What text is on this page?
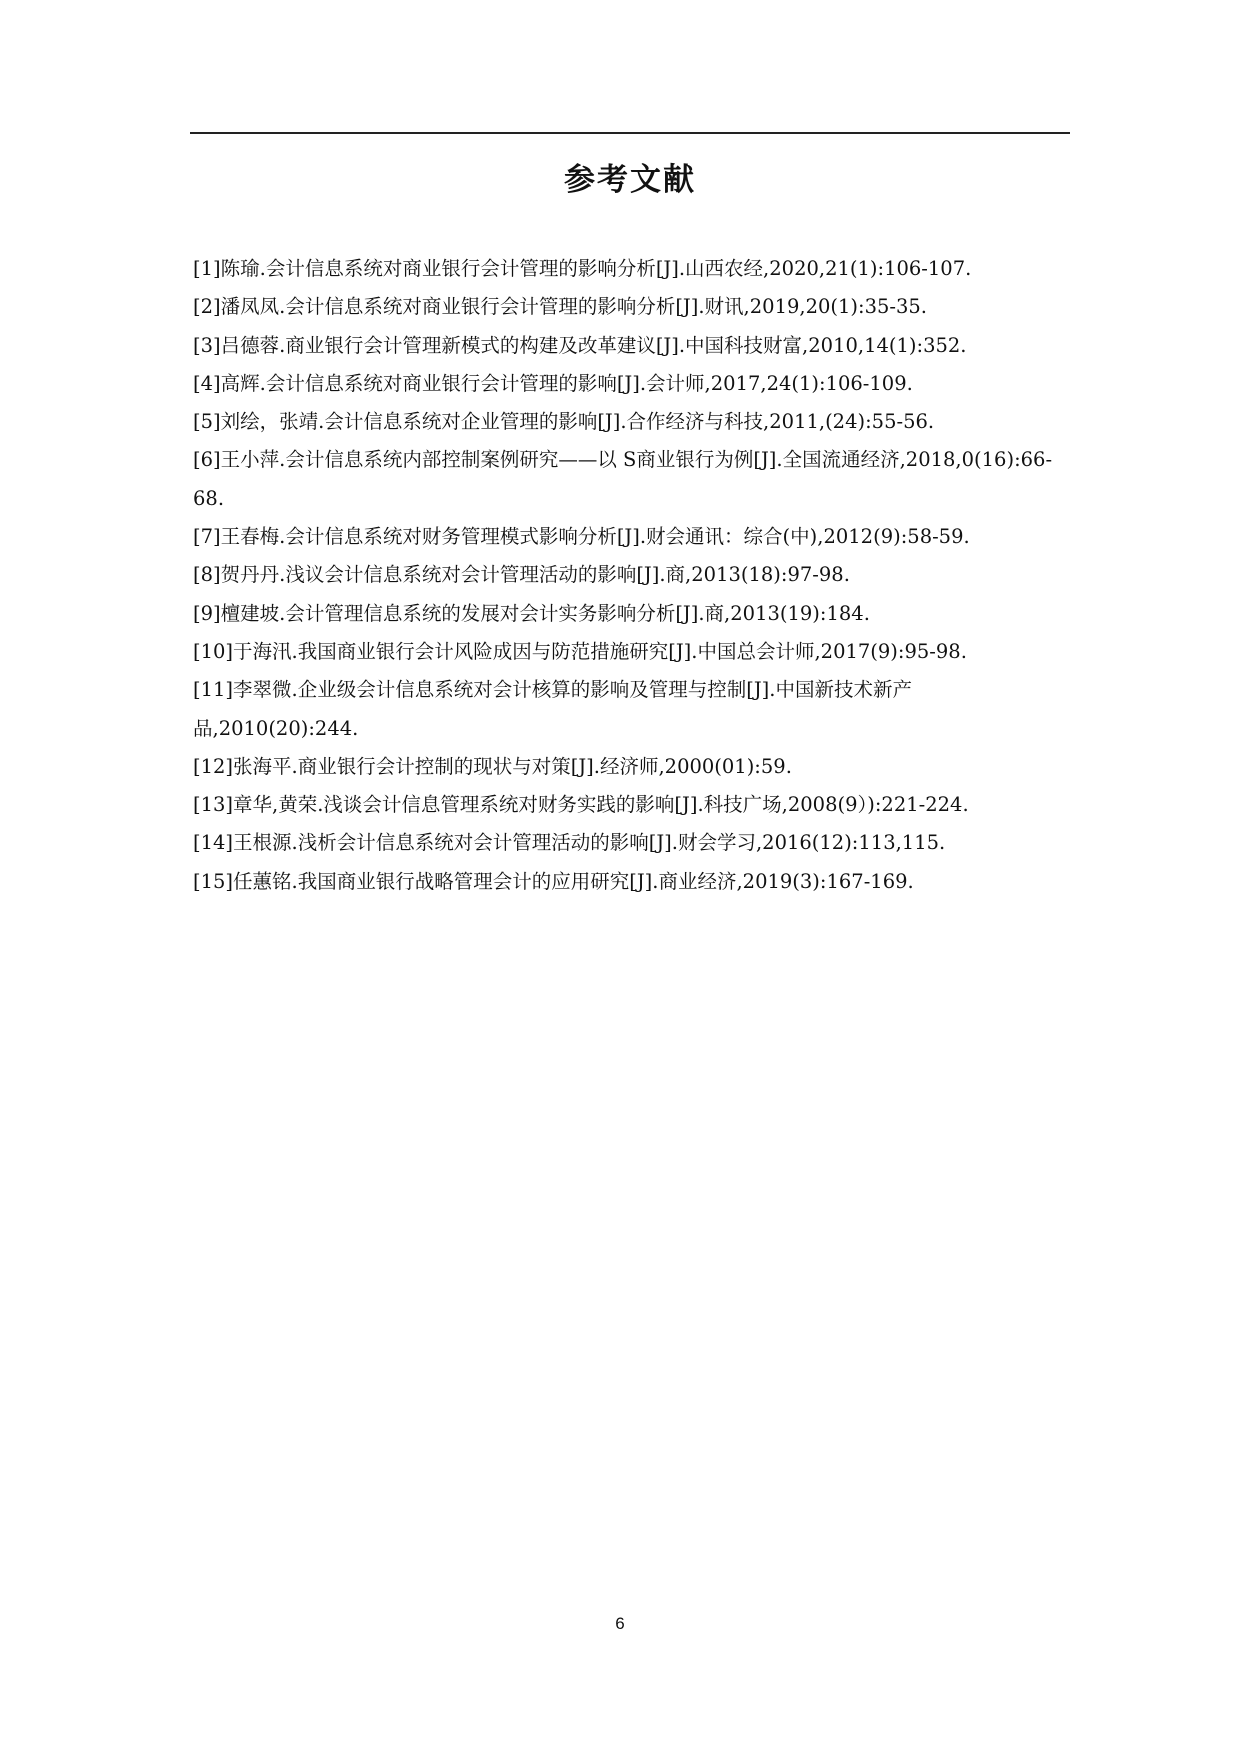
参考文献
[1]陈瑜.会计信息系统对商业银行会计管理的影响分析[J].山西农经,2020,21(1):106-107.
[2]潘凤凤.会计信息系统对商业银行会计管理的影响分析[J].财讯,2019,20(1):35-35.
[3]吕德蓉.商业银行会计管理新模式的构建及改革建议[J].中国科技财富,2010,14(1):352.
[4]高辉.会计信息系统对商业银行会计管理的影响[J].会计师,2017,24(1):106-109.
[5]刘绘，张靖.会计信息系统对企业管理的影响[J].合作经济与科技,2011,(24):55-56.
[6]王小萍.会计信息系统内部控制案例研究——以 S商业银行为例[J].全国流通经济,2018,0(16):66-68.
[7]王春梅.会计信息系统对财务管理模式影响分析[J].财会通讯：综合(中),2012(9):58-59.
[8]贺丹丹.浅议会计信息系统对会计管理活动的影响[J].商,2013(18):97-98.
[9]檀建坡.会计管理信息系统的发展对会计实务影响分析[J].商,2013(19):184.
[10]于海汛.我国商业银行会计风险成因与防范措施研究[J].中国总会计师,2017(9):95-98.
[11]李翠微.企业级会计信息系统对会计核算的影响及管理与控制[J].中国新技术新产品,2010(20):244.
[12]张海平.商业银行会计控制的现状与对策[J].经济师,2000(01):59.
[13]章华,黄荣.浅谈会计信息管理系统对财务实践的影响[J].科技广场,2008(9）):221-224.
[14]王根源.浅析会计信息系统对会计管理活动的影响[J].财会学习,2016(12):113,115.
[15]任蕙铭.我国商业银行战略管理会计的应用研究[J].商业经济,2019(3):167-169.
6
